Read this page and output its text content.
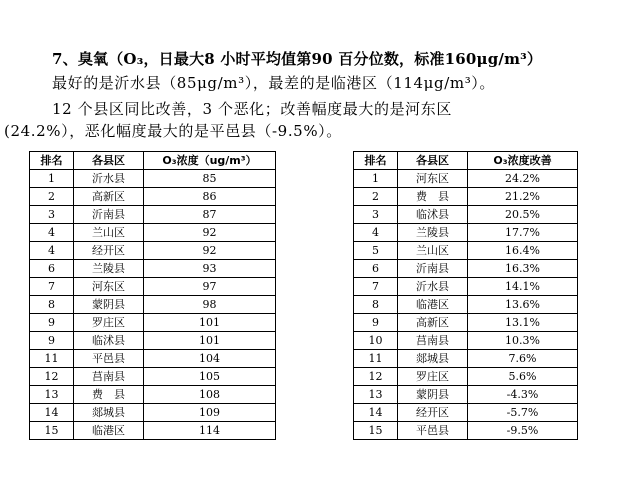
7、臭氧（O₃，日最大8 小时平均值第90 百分位数，标准160μg/m³）
最好的是沂水县（85μg/m³），最差的是临港区（114μg/m³）。
12 个县区同比改善，3 个恶化；改善幅度最大的是河东区
(24.2%），恶化幅度最大的是平邑县（-9.5%）。
排名	各县区	O₃浓度（ug/m³）
1	沂水县	85
2	高新区	86
3	沂南县	87
4	兰山区	92
4	经开区	92
6	兰陵县	93
7	河东区	97
8	蒙阴县	98
9	罗庄区	101
9	临沭县	101
11	平邑县	104
12	莒南县	105
13	费　县	108
14	郯城县	109
15	临港区	114
排名	各县区	O₃浓度改善
1	河东区	24.2%
2	费　县	21.2%
3	临沭县	20.5%
4	兰陵县	17.7%
5	兰山区	16.4%
6	沂南县	16.3%
7	沂水县	14.1%
8	临港区	13.6%
9	高新区	13.1%
10	莒南县	10.3%
11	郯城县	7.6%
12	罗庄区	5.6%
13	蒙阴县	-4.3%
14	经开区	-5.7%
15	平邑县	-9.5%
